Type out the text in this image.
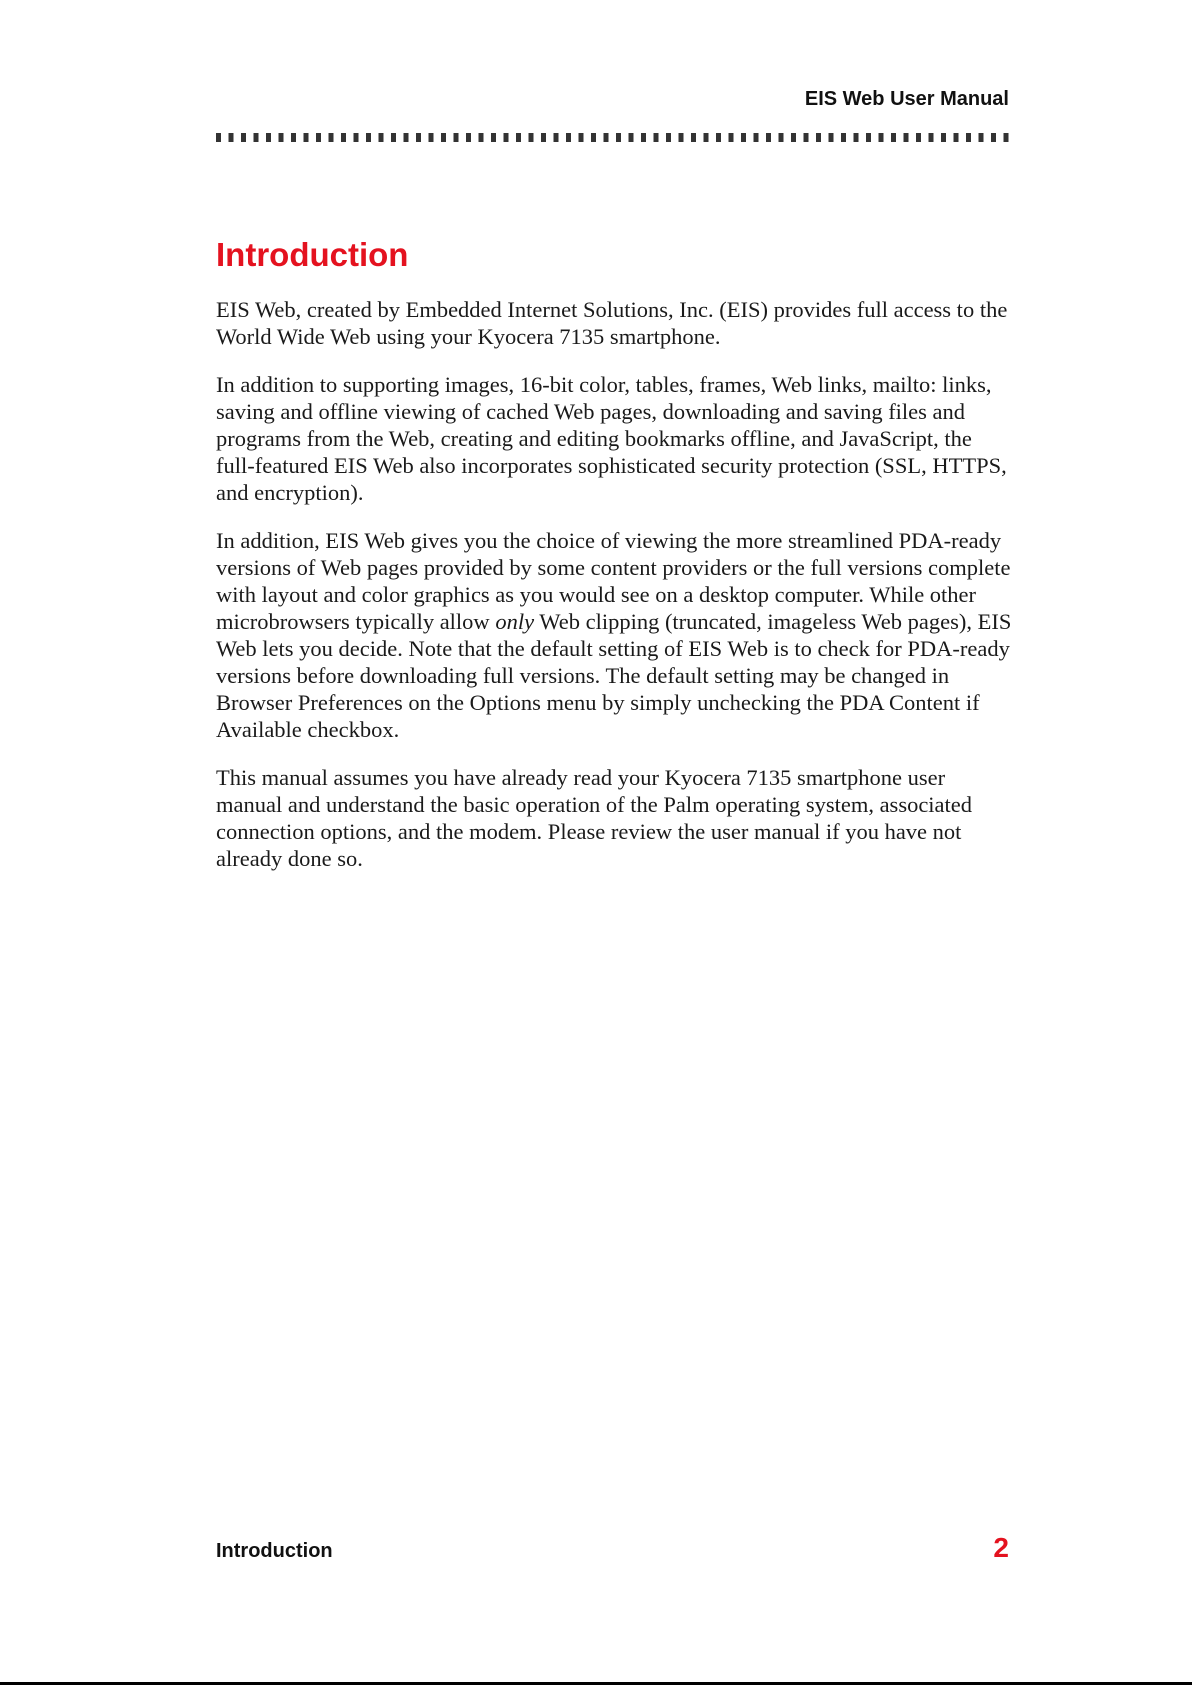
EIS Web User Manual
Introduction

EIS Web, created by Embedded Internet Solutions, Inc. (EIS) provides full access to the World Wide Web using your Kyocera 7135 smartphone.

In addition to supporting images, 16-bit color, tables, frames, Web links, mailto: links, saving and offline viewing of cached Web pages, downloading and saving files and programs from the Web, creating and editing bookmarks offline, and JavaScript, the full-featured EIS Web also incorporates sophisticated security protection (SSL, HTTPS, and encryption).

In addition, EIS Web gives you the choice of viewing the more streamlined PDA-ready versions of Web pages provided by some content providers or the full versions complete with layout and color graphics as you would see on a desktop computer. While other microbrowsers typically allow only Web clipping (truncated, imageless Web pages), EIS Web lets you decide. Note that the default setting of EIS Web is to check for PDA-ready versions before downloading full versions. The default setting may be changed in Browser Preferences on the Options menu by simply unchecking the PDA Content if Available checkbox.

This manual assumes you have already read your Kyocera 7135 smartphone user manual and understand the basic operation of the Palm operating system, associated connection options, and the modem. Please review the user manual if you have not already done so.

Introduction	2
